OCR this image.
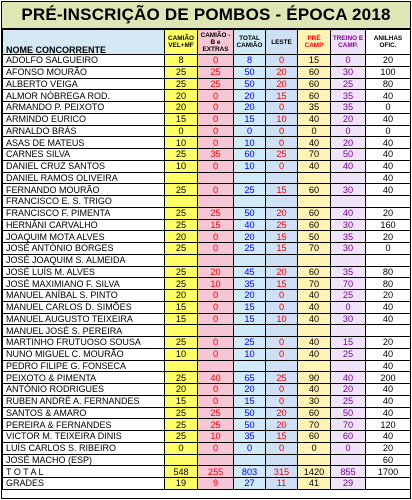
PRÉ-INSCRIÇÃO DE POMBOS - ÉPOCA 2018
NOME CONCORRENTE	CAMIÃO VEL+MF	CAMIÃO - B e EXTRAS	TOTAL CAMIÃO	LESTE	PRÉ CAMP	TREINO E CAMP.	ANILHAS OFIC.
ADOLFO SALGUEIRO	8	0	8	0	15	0	20
AFONSO MOURÃO	25	25	50	20	60	30	100
ALBERTO VEIGA	25	25	50	20	60	25	80
ALMOR NÓBREGA ROD.	20	0	20	15	60	35	40
ARMANDO P. PEIXOTO	20	0	20	0	35	35	0
ARMINDO EURICO	15	0	15	10	40	20	40
ARNALDO BRÁS	0	0	0	0	0	0	0
ASAS DE MATEUS	10	0	10	0	40	20	40
CARNES SILVA	25	35	60	25	70	50	40
DANIEL CRUZ SANTOS	10	0	10	0	40	40	40
DANIEL RAMOS OLIVEIRA							40
FERNANDO MOURÃO	25	0	25	15	60	30	40
FRANCISCO E. S. TRIGO							
FRANCISCO F. PIMENTA	25	25	50	20	60	40	20
HERNÂNI CARVALHO	25	15	40	25	60	30	160
JOAQUIM MOTA ALVES	20	0	20	15	50	35	20
JOSÉ ANTÓNIO BORGES	25	0	25	15	70	30	0
JOSÉ JOAQUIM S. ALMEIDA							
JOSÉ LUÍS M. ALVES	25	20	45	20	60	35	80
JOSÉ MAXIMIANO F. SILVA	25	10	35	15	70	70	80
MANUEL ANÍBAL S. PINTO	20	0	20	0	40	25	20
MANUEL CARLOS D. SIMÕES	15	0	15	0	40	0	40
MANUEL AUGUSTO TEIXEIRA	15	0	15	10	40	30	40
MANUEL JOSÉ S. PEREIRA							
MARTINHO FRUTUOSO SOUSA	25	0	25	0	40	15	20
NUNO MIGUEL C. MOURÃO	10	0	10	0	40	25	40
PEDRO FILIPE G. FONSECA							40
PEIXOTO & PIMENTA	25	40	65	25	90	40	200
ANTÓNIO RODRIGUES	20	0	20	0	40	20	40
RUBEN ANDRÉ A. FERNANDES	15	0	15	0	30	25	40
SANTOS & AMARO	25	25	50	20	60	50	40
PEREIRA & FERNANDES	25	25	50	20	70	70	120
VICTOR M. TEIXEIRA DINIS	25	10	35	15	60	60	40
LUÍS CARLOS S. RIBEIRO	0	0	0	0	0	0	20
JOSÉ MACHO (ESP)							60
T O T A L	548	255	803	315	1420	855	1700
GRADES	19	9	27	11	41	29	
